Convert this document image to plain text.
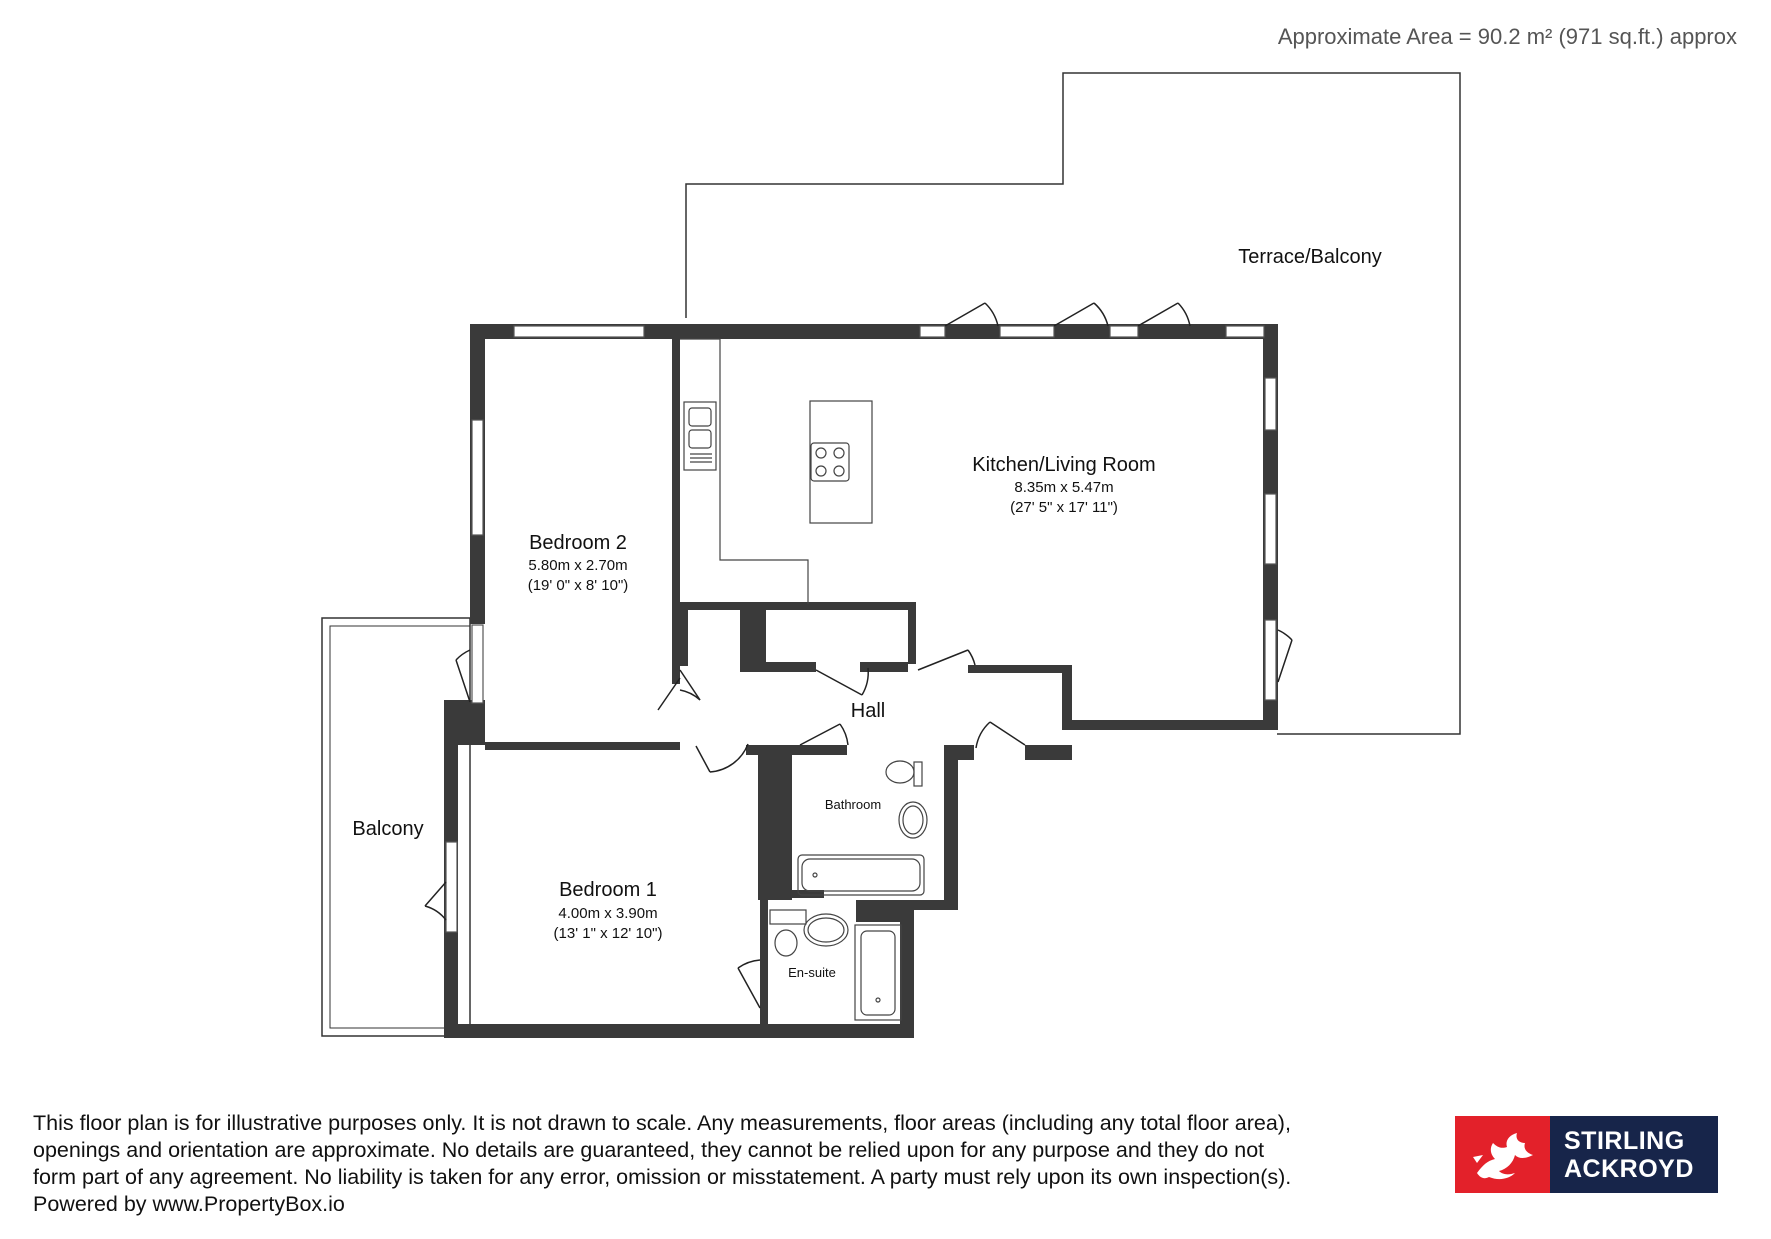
Approximate Area = 90.2 m² (971 sq.ft.) approx
Terrace/Balcony
Kitchen/Living Room
8.35m x 5.47m
(27' 5" x 17' 11")
Bedroom 2
5.80m x 2.70m
(19' 0" x 8' 10")
Hall
Bathroom
Balcony
Bedroom 1
4.00m x 3.90m
(13' 1" x 12' 10")
En-suite
This floor plan is for illustrative purposes only. It is not drawn to scale. Any measurements, floor areas (including any total floor area),
openings and orientation are approximate. No details are guaranteed, they cannot be relied upon for any purpose and they do not
form part of any agreement. No liability is taken for any error, omission or misstatement. A party must rely upon its own inspection(s).
Powered by www.PropertyBox.io
STIRLING
ACKROYD
